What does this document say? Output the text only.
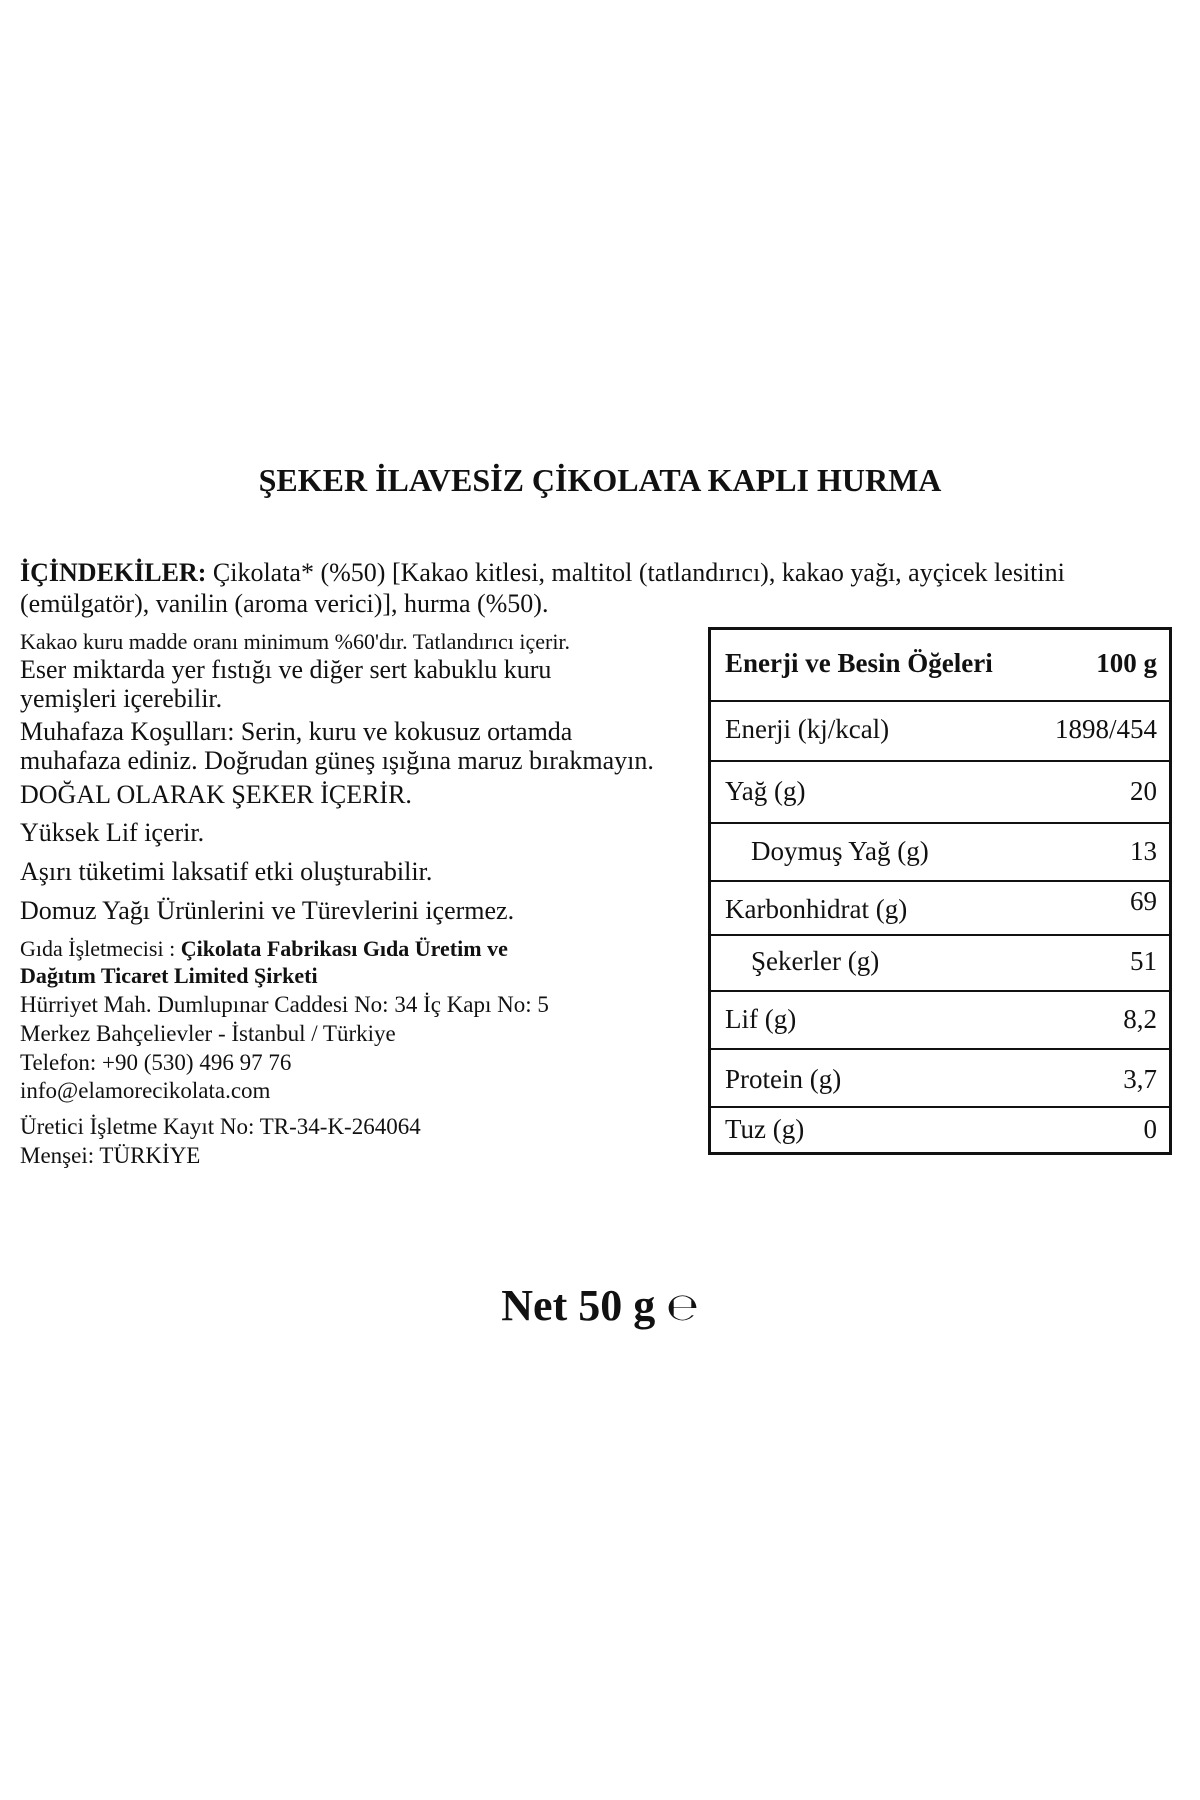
ŞEKER İLAVESİZ ÇİKOLATA KAPLI HURMA
İÇİNDEKİLER: Çikolata* (%50) [Kakao kitlesi, maltitol (tatlandırıcı), kakao yağı, ayçicek lesitini (emülgatör), vanilin (aroma verici)], hurma (%50).
Kakao kuru madde oranı minimum %60'dır. Tatlandırıcı içerir.
Eser miktarda yer fıstığı ve diğer sert kabuklu kuru
yemişleri içerebilir.
Muhafaza Koşulları: Serin, kuru ve kokusuz ortamda
muhafaza ediniz. Doğrudan güneş ışığına maruz bırakmayın.
DOĞAL OLARAK ŞEKER İÇERİR.
Yüksek Lif içerir.
Aşırı tüketimi laksatif etki oluşturabilir.
Domuz Yağı Ürünlerini ve Türevlerini içermez.
Gıda İşletmecisi : Çikolata Fabrikası Gıda Üretim ve
Dağıtım Ticaret Limited Şirketi
Hürriyet Mah. Dumlupınar Caddesi No: 34 İç Kapı No: 5
Merkez Bahçelievler - İstanbul / Türkiye
Telefon: +90 (530) 496 97 76
info@elamorecikolata.com
Üretici İşletme Kayıt No: TR-34-K-264064
Menşei: TÜRKİYE
Enerji ve Besin Öğeleri	100 g
Enerji (kj/kcal)	1898/454
Yağ (g)	20
Doymuş Yağ (g)	13
Karbonhidrat (g)	69
Şekerler (g)	51
Lif (g)	8,2
Protein (g)	3,7
Tuz (g)	0
Net 50 g ℮
